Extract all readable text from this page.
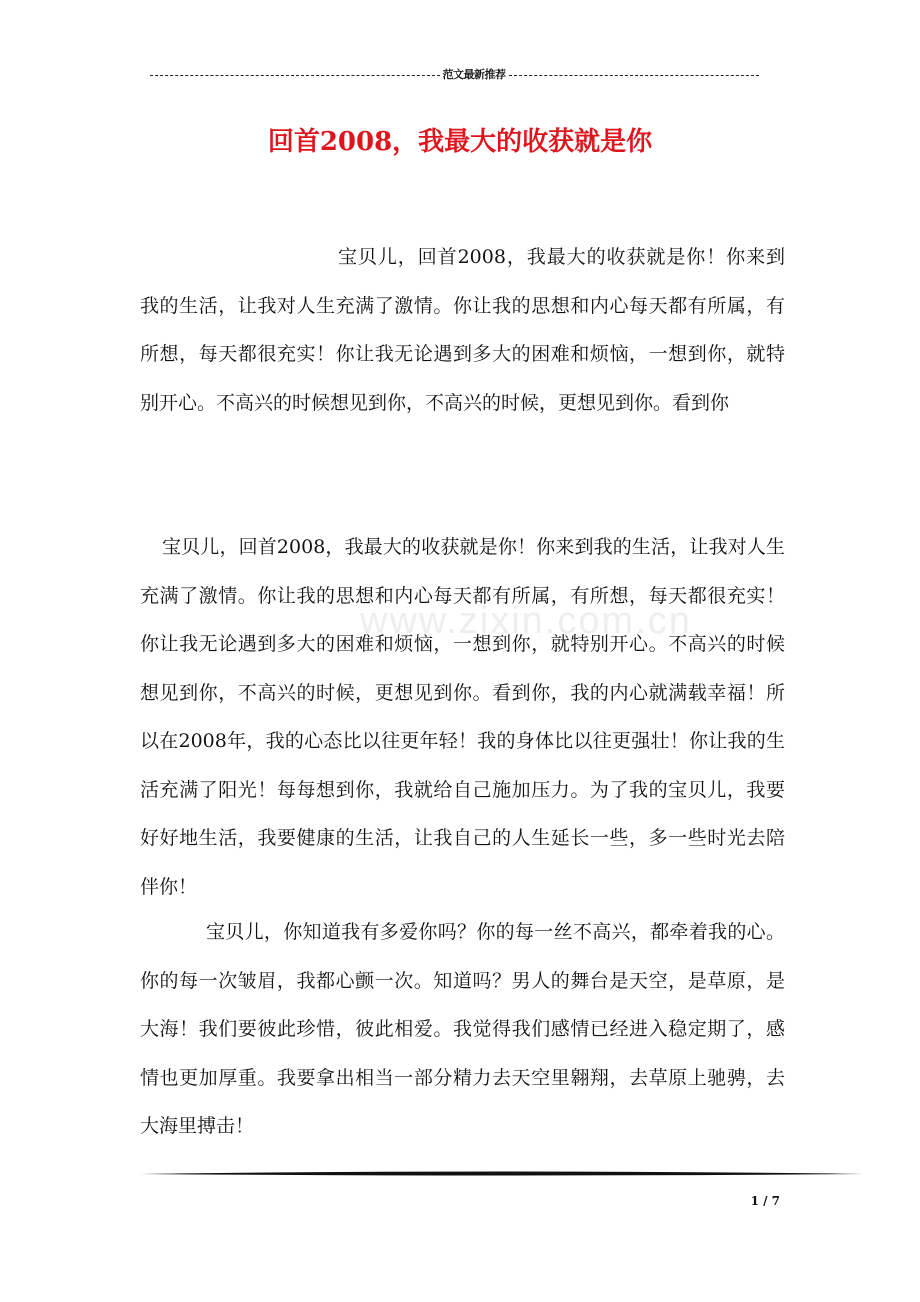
范文最新推荐
回首2008，我最大的收获就是你
www.zixin.com.cn
宝贝儿，回首2008，我最大的收获就是你！你来到我的生活，让我对人生充满了激情。你让我的思想和内心每天都有所属，有所想，每天都很充实！你让我无论遇到多大的困难和烦恼，一想到你，就特别开心。不高兴的时候想见到你，不高兴的时候，更想见到你。看到你
宝贝儿，回首2008，我最大的收获就是你！你来到我的生活，让我对人生充满了激情。你让我的思想和内心每天都有所属，有所想，每天都很充实！你让我无论遇到多大的困难和烦恼，一想到你，就特别开心。不高兴的时候想见到你，不高兴的时候，更想见到你。看到你，我的内心就满载幸福！所以在2008年，我的心态比以往更年轻！我的身体比以往更强壮！你让我的生活充满了阳光！每每想到你，我就给自己施加压力。为了我的宝贝儿，我要好好地生活，我要健康的生活，让我自己的人生延长一些，多一些时光去陪伴你！
宝贝儿，你知道我有多爱你吗？你的每一丝不高兴，都牵着我的心。你的每一次皱眉，我都心颤一次。知道吗？男人的舞台是天空，是草原，是大海！我们要彼此珍惜，彼此相爱。我觉得我们感情已经进入稳定期了，感情也更加厚重。我要拿出相当一部分精力去天空里翱翔，去草原上驰骋，去大海里搏击！
1 / 7
